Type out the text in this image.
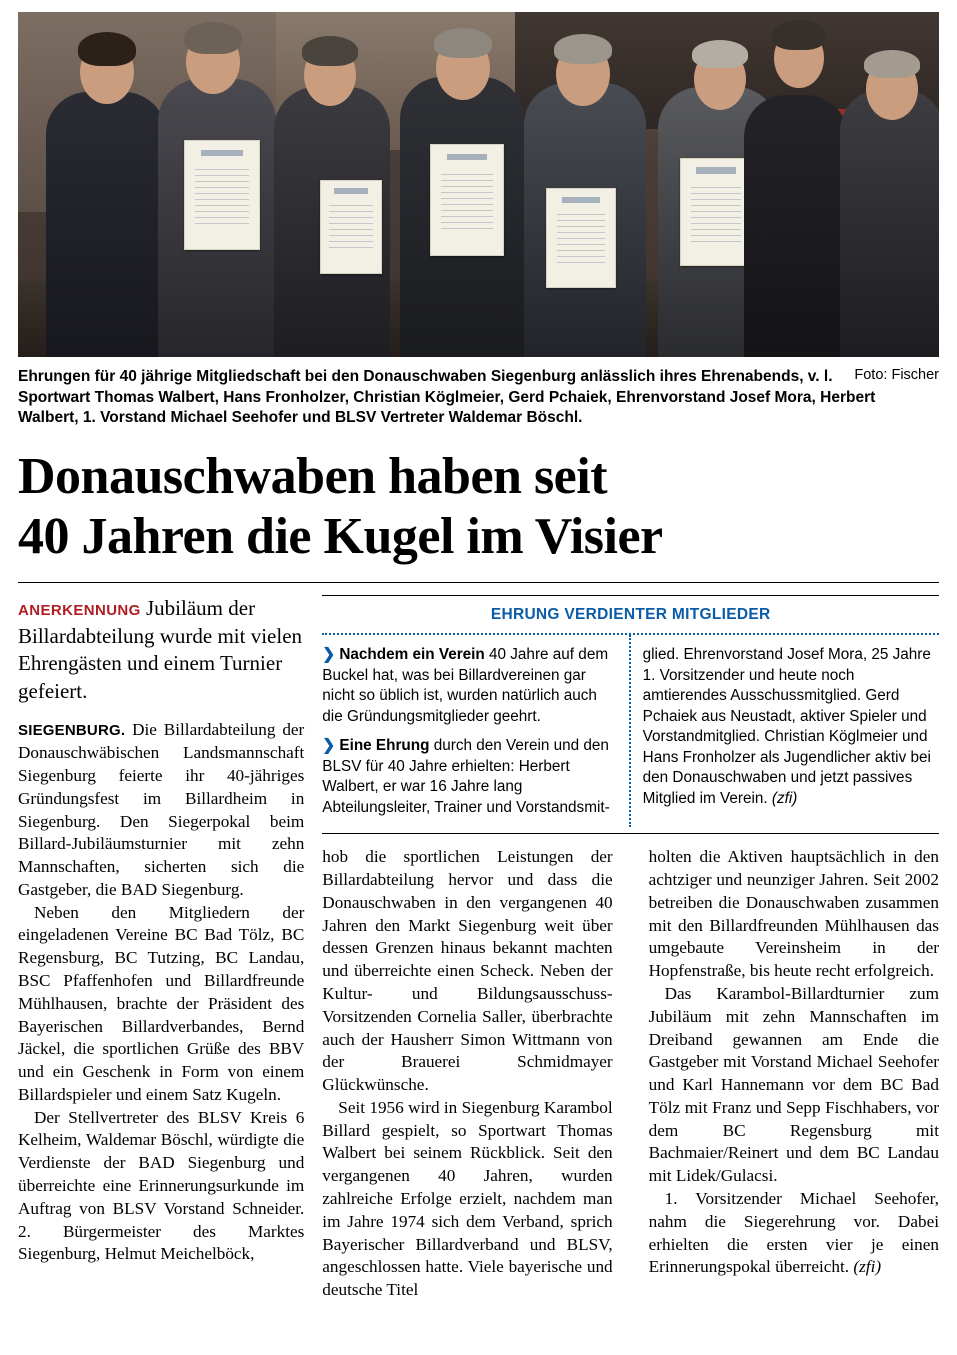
Foto: Fischer
Ehrungen für 40 jährige Mitgliedschaft bei den Donauschwaben Siegenburg anlässlich ihres Ehrenabends, v. l. Sportwart Thomas Walbert, Hans Fronholzer, Christian Köglmeier, Gerd Pchaiek, Ehrenvorstand Josef Mora, Herbert Walbert, 1. Vorstand Michael Seehofer und BLSV Vertreter Waldemar Böschl.
Donauschwaben haben seit
40 Jahren die Kugel im Visier
ANERKENNUNG Jubiläum der Billardabteilung wurde mit vielen Ehrengästen und einem Turnier gefeiert.

SIEGENBURG. Die Billardabteilung der Donauschwäbischen Landsmannschaft Siegenburg feierte ihr 40-jähriges Gründungsfest im Billardheim in Siegenburg. Den Siegerpokal beim Billard-Jubiläumsturnier mit zehn Mannschaften, sicherten sich die Gastgeber, die BAD Siegenburg.

Neben den Mitgliedern der eingeladenen Vereine BC Bad Tölz, BC Regensburg, BC Tutzing, BC Landau, BSC Pfaffenhofen und Billardfreunde Mühlhausen, brachte der Präsident des Bayerischen Billardverbandes, Bernd Jäckel, die sportlichen Grüße des BBV und ein Geschenk in Form von einem Billardspieler und einem Satz Kugeln.

Der Stellvertreter des BLSV Kreis 6 Kelheim, Waldemar Böschl, würdigte die Verdienste der BAD Siegenburg und überreichte eine Erinnerungsurkunde im Auftrag von BLSV Vorstand Schneider. 2. Bürgermeister des Marktes Siegenburg, Helmut Meichelböck,

EHRUNG VERDIENTER MITGLIEDER

❯ Nachdem ein Verein 40 Jahre auf dem Buckel hat, was bei Billardvereinen gar nicht so üblich ist, wurden natürlich auch die Gründungsmitglieder geehrt.

❯ Eine Ehrung durch den Verein und den BLSV für 40 Jahre erhielten: Herbert Walbert, er war 16 Jahre lang Abteilungsleiter, Trainer und Vorstandsmit-

glied. Ehrenvorstand Josef Mora, 25 Jahre 1. Vorsitzender und heute noch amtierendes Ausschussmitglied. Gerd Pchaiek aus Neustadt, aktiver Spieler und Vorstandmitglied. Christian Köglmeier und Hans Fronholzer als Jugendlicher aktiv bei den Donauschwaben und jetzt passives Mitglied im Verein. (zfi)

hob die sportlichen Leistungen der Billardabteilung hervor und dass die Donauschwaben in den vergangenen 40 Jahren den Markt Siegenburg weit über dessen Grenzen hinaus bekannt machten und überreichte einen Scheck. Neben der Kultur- und Bildungsausschuss-Vorsitzenden Cornelia Saller, überbrachte auch der Hausherr Simon Wittmann von der Brauerei Schmidmayer Glückwünsche.

Seit 1956 wird in Siegenburg Karambol Billard gespielt, so Sportwart Thomas Walbert bei seinem Rückblick. Seit den vergangenen 40 Jahren, wurden zahlreiche Erfolge erzielt, nachdem man im Jahre 1974 sich dem Verband, sprich Bayerischer Billardverband und BLSV, angeschlossen hatte. Viele bayerische und deutsche Titel

holten die Aktiven hauptsächlich in den achtziger und neunziger Jahren. Seit 2002 betreiben die Donauschwaben zusammen mit den Billardfreunden Mühlhausen das umgebaute Vereinsheim in der Hopfenstraße, bis heute recht erfolgreich.

Das Karambol-Billardturnier zum Jubiläum mit zehn Mannschaften im Dreiband gewannen am Ende die Gastgeber mit Vorstand Michael Seehofer und Karl Hannemann vor dem BC Bad Tölz mit Franz und Sepp Fischhabers, vor dem BC Regensburg mit Bachmaier/Reinert und dem BC Landau mit Lidek/Gulacsi.

1. Vorsitzender Michael Seehofer, nahm die Siegerehrung vor. Dabei erhielten die ersten vier je einen Erinnerungspokal überreicht. (zfi)
